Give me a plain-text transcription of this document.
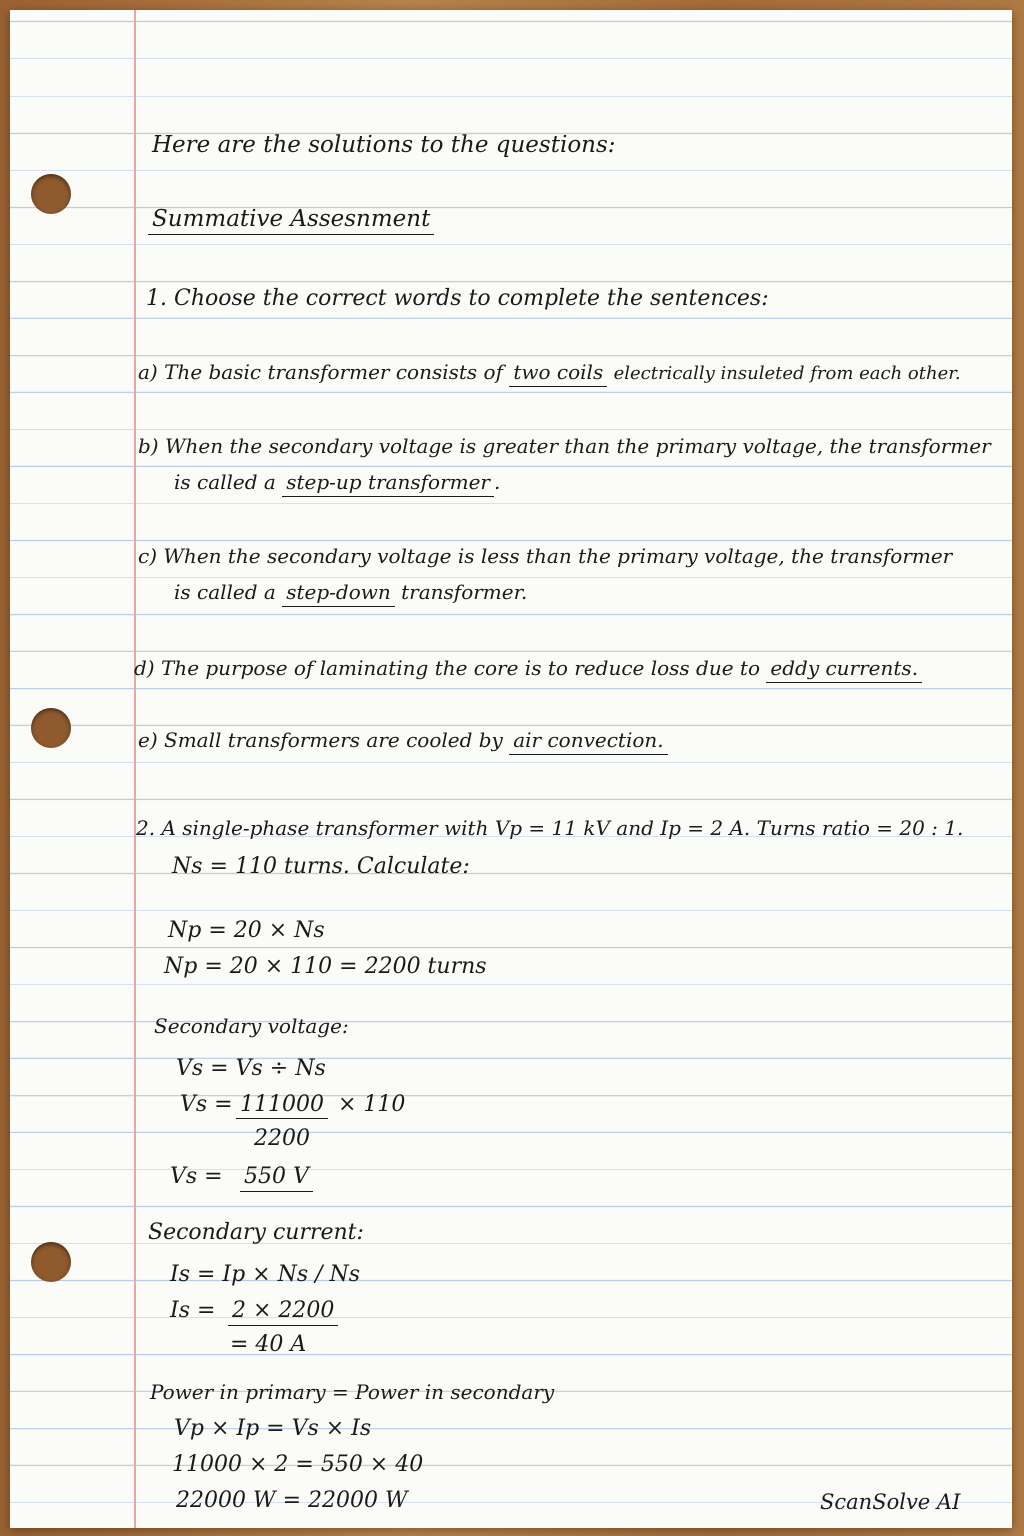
Here are the solutions to the questions:
Summative Assesnment
1. Choose the correct words to complete the sentences:
a) The basic transformer consists of two coils electrically insuleted from each other.
b) When the secondary voltage is greater than the primary voltage, the transformer
is called a step-up transformer .
c) When the secondary voltage is less than the primary voltage, the transformer
is called a step-down transformer.
d) The purpose of laminating the core is to reduce loss due to eddy currents.
e) Small transformers are cooled by air convection.
2. A single-phase transformer with Vp = 11 kV and Ip = 2 A. Turns ratio = 20 : 1.
Ns = 110 turns. Calculate:
Np = 20 × Ns
Np = 20 × 110 = 2200 turns
Secondary voltage:
Vs = Vs ÷ Ns
Vs = 111000 × 110
2200
Vs = 550 V
Secondary current:
Is = Ip × Ns / Ns
Is = 2 × 2200
= 40 A
Power in primary = Power in secondary
Vp × Ip = Vs × Is
11000 × 2 = 550 × 40
22000 W = 22000 W	ScanSolve AI
